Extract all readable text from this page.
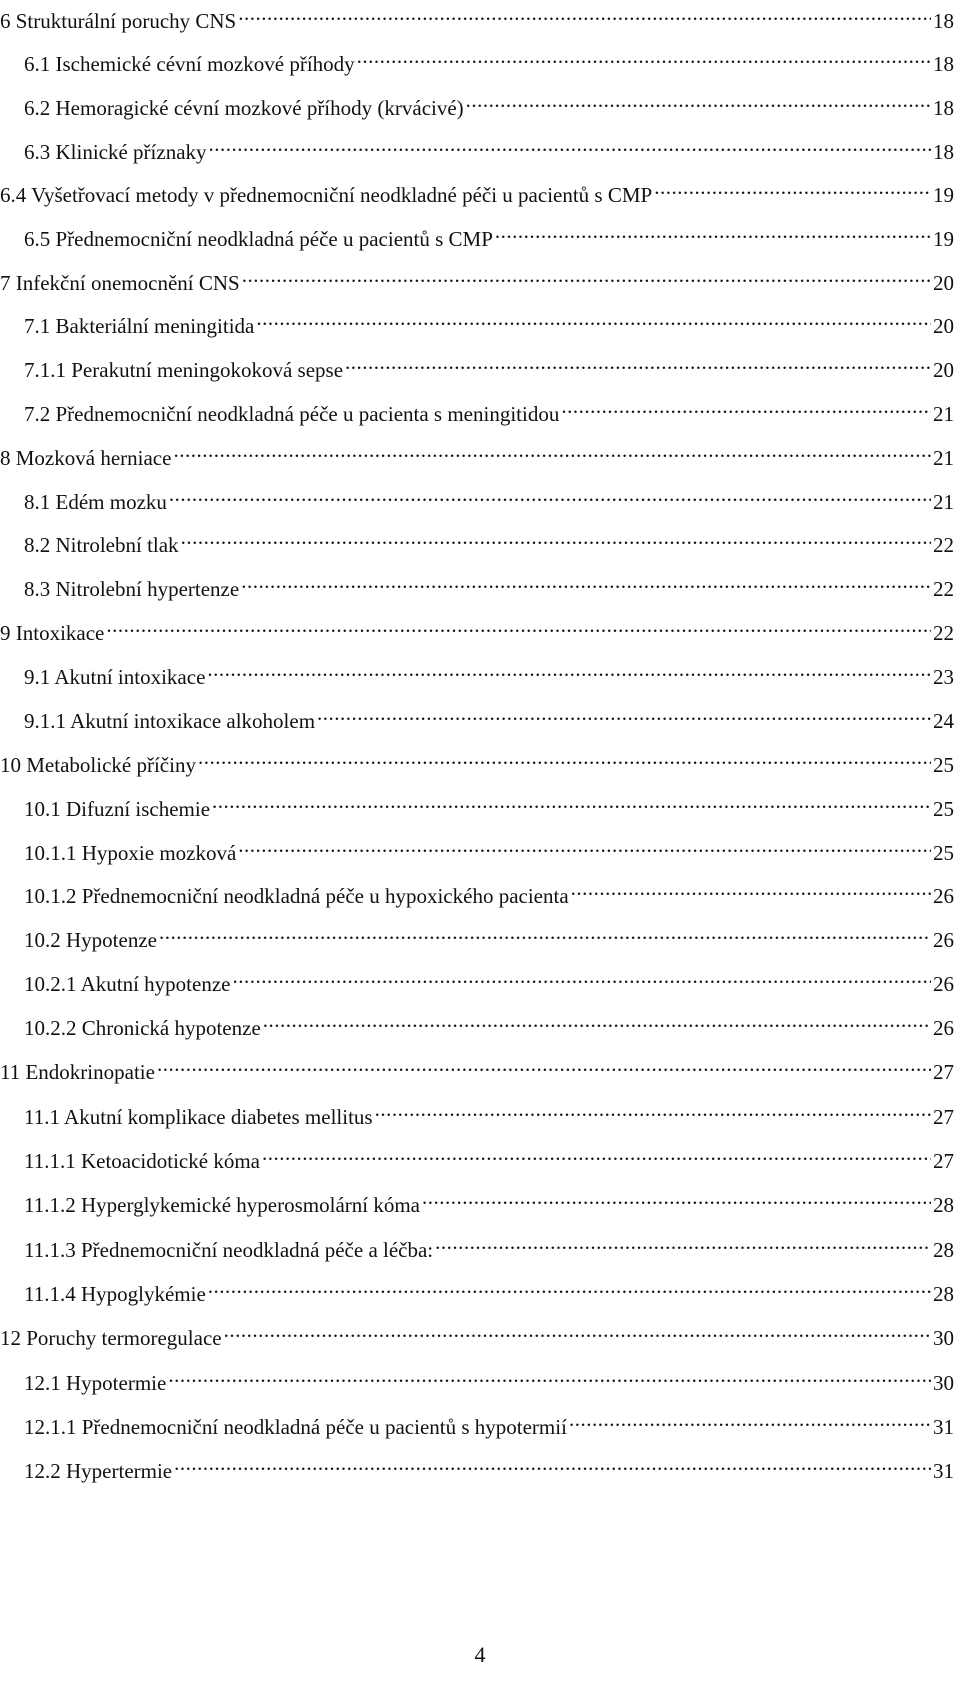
6 Strukturální poruchy CNS .....	18
6.1 Ischemické cévní mozkové příhody .....	18
6.2 Hemoragické cévní mozkové příhody (krvácivé) .....	18
6.3 Klinické příznaky .....	18
6.4 Vyšetřovací metody v přednemocniční neodkladné péči u pacientů s CMP .....	19
6.5 Přednemocniční neodkladná péče u pacientů s CMP .....	19
7 Infekční onemocnění CNS .....	20
7.1 Bakteriální meningitida .....	20
7.1.1 Perakutní meningokoková sepse .....	20
7.2 Přednemocniční neodkladná péče u pacienta s meningitidou .....	21
8 Mozková herniace .....	21
8.1 Edém mozku .....	21
8.2 Nitrolební tlak .....	22
8.3 Nitrolební hypertenze .....	22
9 Intoxikace .....	22
9.1 Akutní intoxikace .....	23
9.1.1 Akutní intoxikace alkoholem .....	24
10 Metabolické příčiny .....	25
10.1 Difuzní ischemie .....	25
10.1.1 Hypoxie mozková .....	25
10.1.2 Přednemocniční neodkladná péče u hypoxického pacienta .....	26
10.2 Hypotenze .....	26
10.2.1 Akutní hypotenze .....	26
10.2.2 Chronická hypotenze .....	26
11 Endokrinopatie .....	27
11.1 Akutní komplikace diabetes mellitus .....	27
11.1.1 Ketoacidotické kóma .....	27
11.1.2 Hyperglykemické hyperosmolární kóma .....	28
11.1.3 Přednemocniční neodkladná péče a léčba: .....	28
11.1.4 Hypoglykémie .....	28
12 Poruchy termoregulace .....	30
12.1 Hypotermie .....	30
12.1.1 Přednemocniční neodkladná péče u pacientů s hypotermií .....	31
12.2 Hypertermie .....	31
4
